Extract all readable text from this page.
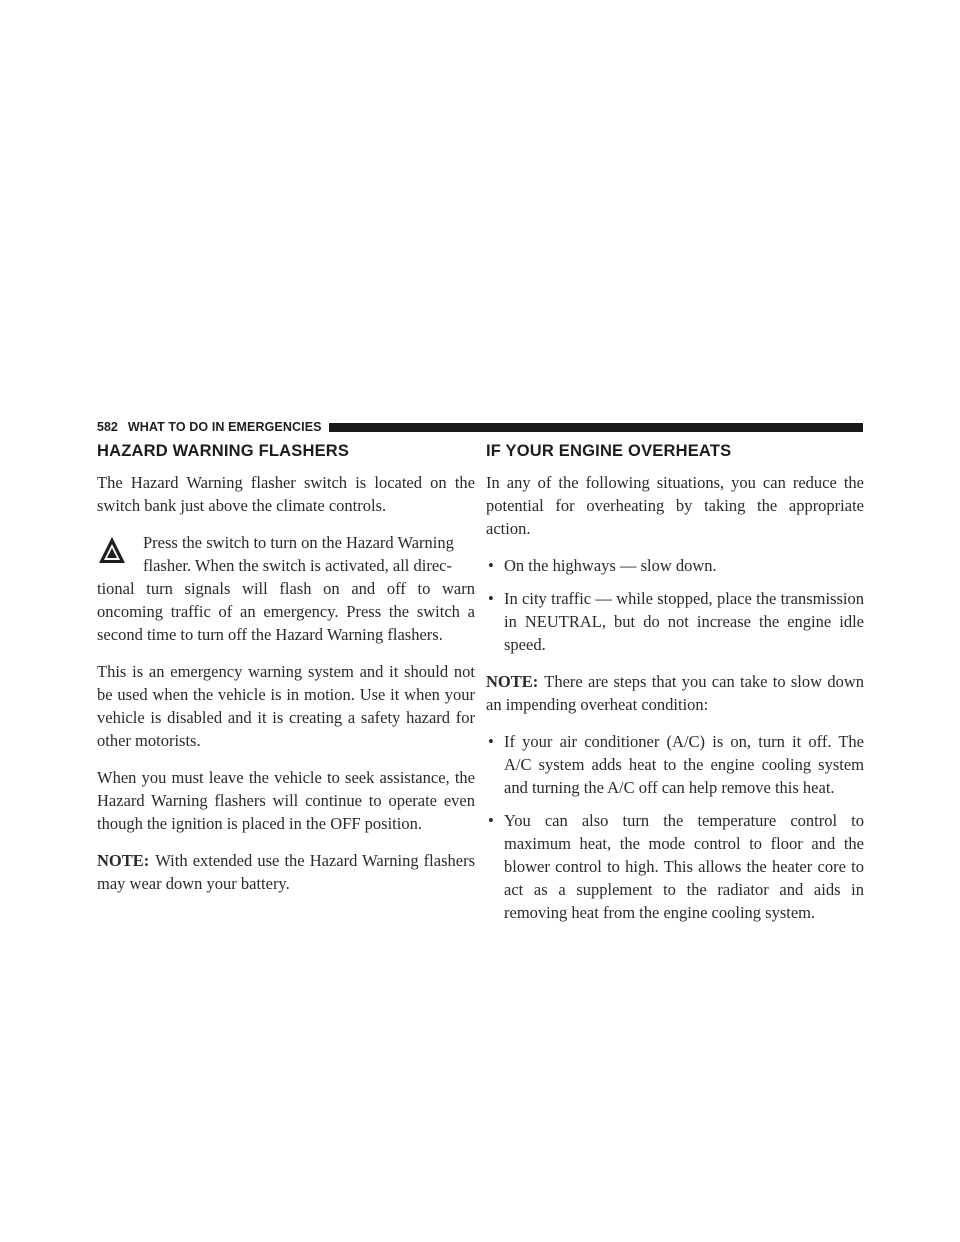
582 WHAT TO DO IN EMERGENCIES
HAZARD WARNING FLASHERS

The Hazard Warning flasher switch is located on the switch bank just above the climate controls.

Press the switch to turn on the Hazard Warning

flasher. When the switch is activated, all direc-

tional turn signals will flash on and off to warn oncoming traffic of an emergency. Press the switch a second time to turn off the Hazard Warning flashers.

This is an emergency warning system and it should not be used when the vehicle is in motion. Use it when your vehicle is disabled and it is creating a safety hazard for other motorists.

When you must leave the vehicle to seek assistance, the Hazard Warning flashers will continue to operate even though the ignition is placed in the OFF position.

NOTE: With extended use the Hazard Warning flashers may wear down your battery.

IF YOUR ENGINE OVERHEATS

In any of the following situations, you can reduce the potential for overheating by taking the appropriate action.

• On the highways — slow down.
• In city traffic — while stopped, place the transmission in NEUTRAL, but do not increase the engine idle speed.

NOTE: There are steps that you can take to slow down an impending overheat condition:

• If your air conditioner (A/C) is on, turn it off. The A/C system adds heat to the engine cooling system and turning the A/C off can help remove this heat.
• You can also turn the temperature control to maximum heat, the mode control to floor and the blower control to high. This allows the heater core to act as a supplement to the radiator and aids in removing heat from the engine cooling system.
